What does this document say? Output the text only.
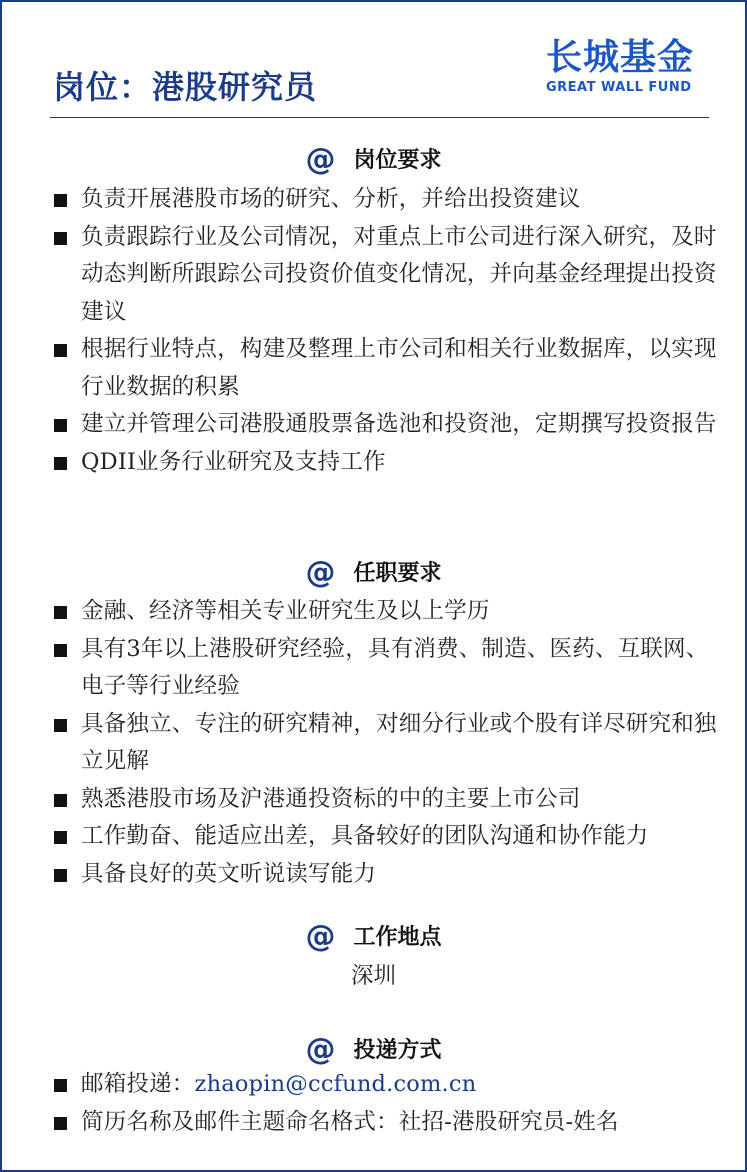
岗位：港股研究员
长城基金
GREAT WALL FUND
@ 岗位要求
负责开展港股市场的研究、分析，并给出投资建议
负责跟踪行业及公司情况，对重点上市公司进行深入研究，及时动态判断所跟踪公司投资价值变化情况，并向基金经理提出投资建议
根据行业特点，构建及整理上市公司和相关行业数据库，以实现行业数据的积累
建立并管理公司港股通股票备选池和投资池，定期撰写投资报告
QDII业务行业研究及支持工作
@ 任职要求
金融、经济等相关专业研究生及以上学历
具有3年以上港股研究经验，具有消费、制造、医药、互联网、电子等行业经验
具备独立、专注的研究精神，对细分行业或个股有详尽研究和独立见解
熟悉港股市场及沪港通投资标的中的主要上市公司
工作勤奋、能适应出差，具备较好的团队沟通和协作能力
具备良好的英文听说读写能力
@ 工作地点
深圳
@ 投递方式
邮箱投递：zhaopin@ccfund.com.cn
简历名称及邮件主题命名格式：社招-港股研究员-姓名
